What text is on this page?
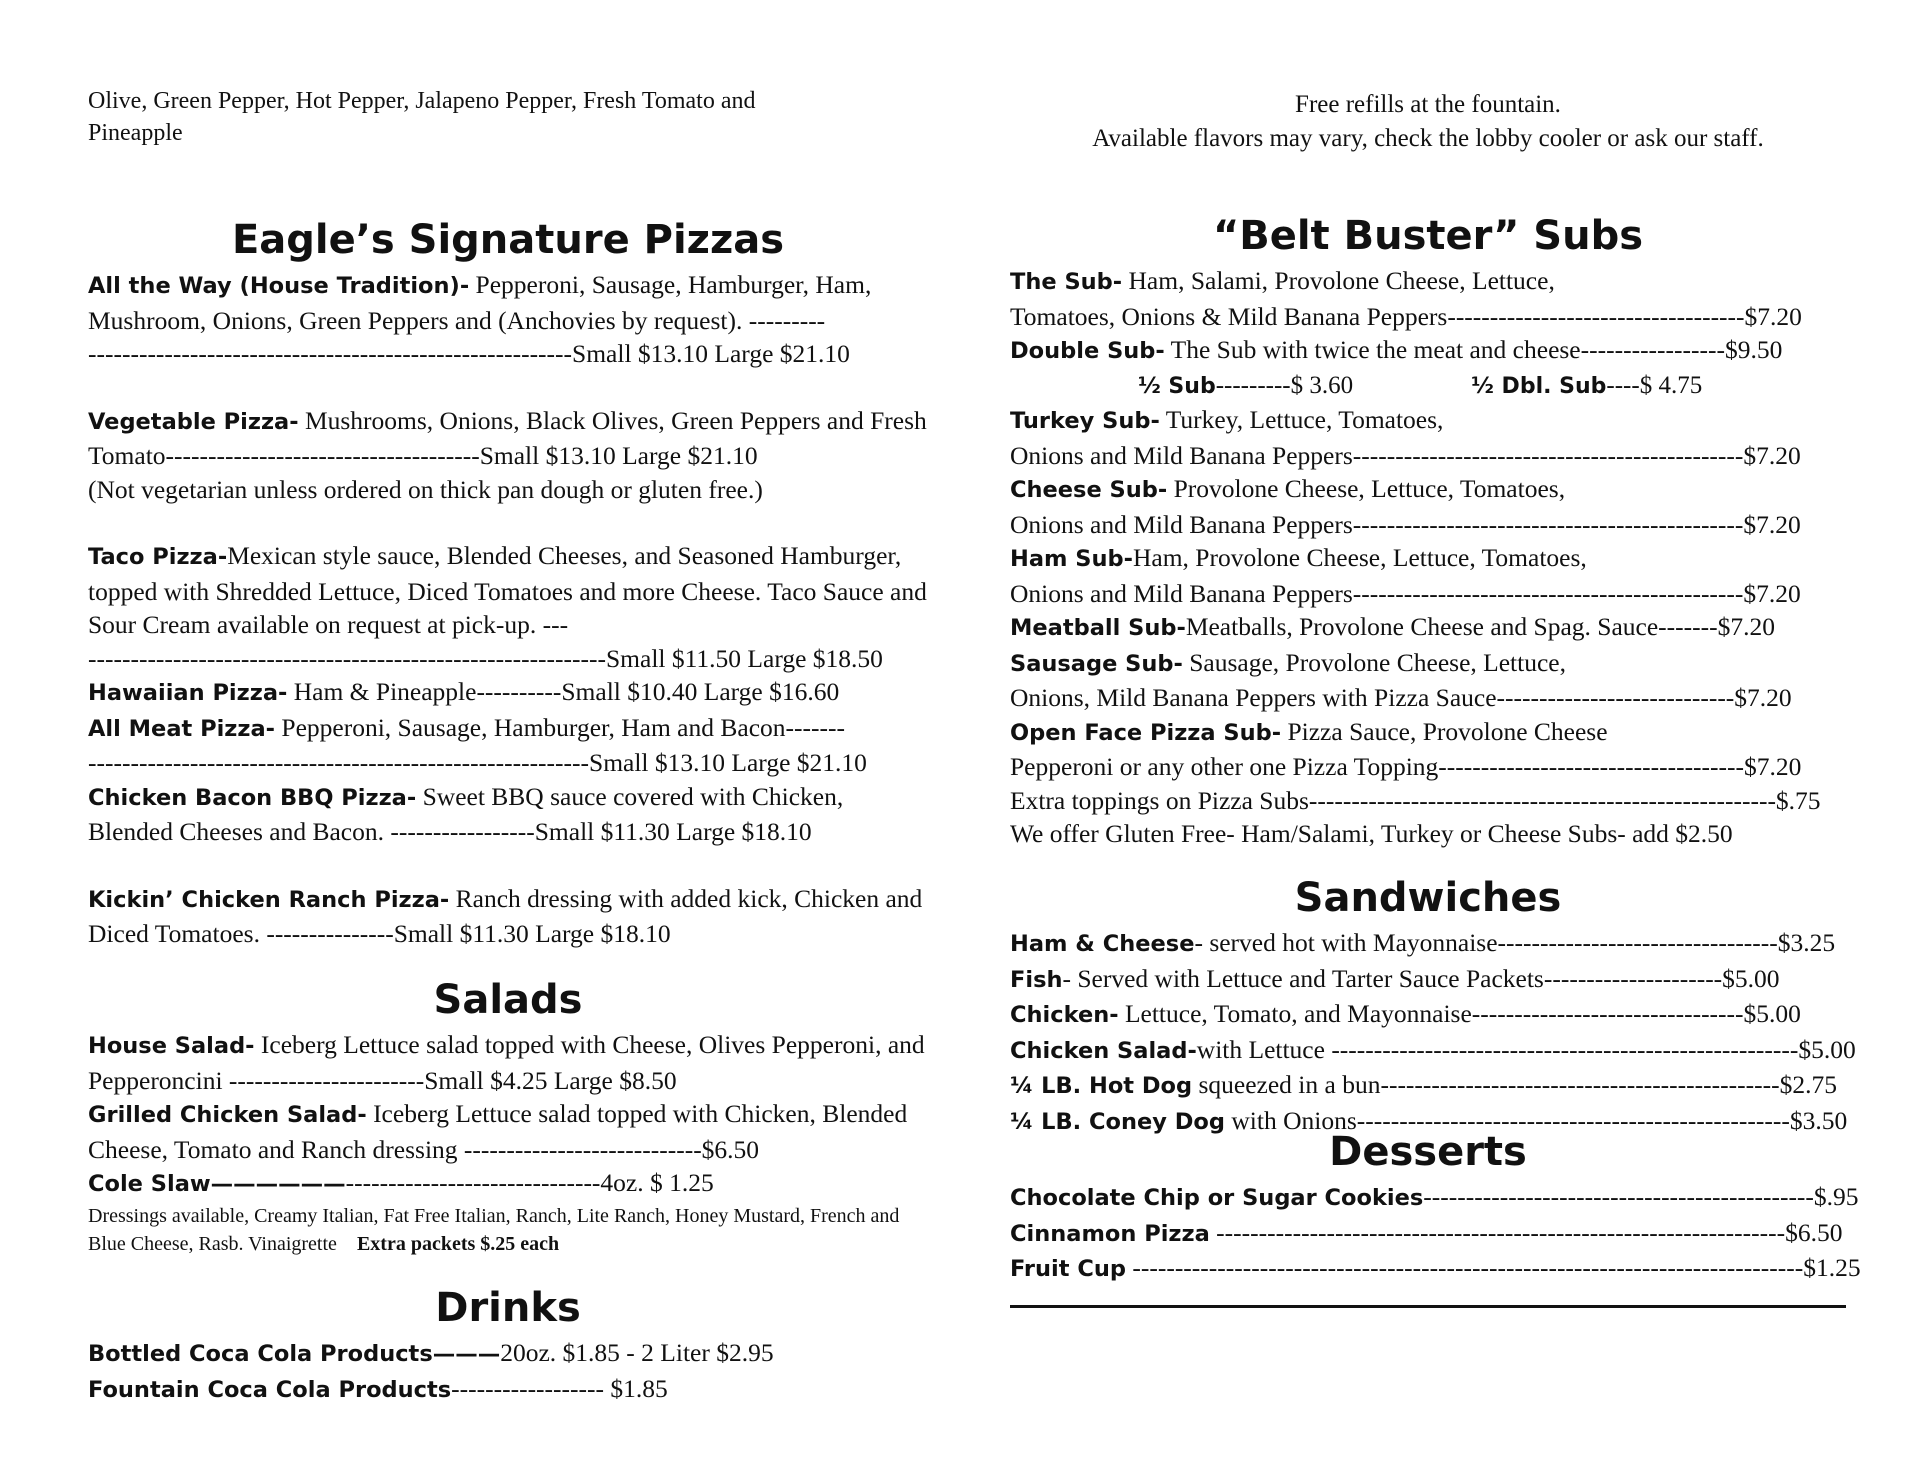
Olive, Green Pepper, Hot Pepper, Jalapeno Pepper, Fresh Tomato and Pineapple
Eagle’s Signature Pizzas
All the Way (House Tradition)- Pepperoni, Sausage, Hamburger, Ham, Mushroom, Onions, Green Peppers and (Anchovies by request). ---------
---------------------------------------------------------Small $13.10 Large $21.10
Vegetable Pizza- Mushrooms, Onions, Black Olives, Green Peppers and Fresh Tomato-------------------------------------Small $13.10 Large $21.10
(Not vegetarian unless ordered on thick pan dough or gluten free.)
Taco Pizza-Mexican style sauce, Blended Cheeses, and Seasoned Hamburger, topped with Shredded Lettuce, Diced Tomatoes and more Cheese. Taco Sauce and Sour Cream available on request at pick-up. ---
-------------------------------------------------------------Small $11.50 Large $18.50
Hawaiian Pizza- Ham & Pineapple----------Small $10.40 Large $16.60
All Meat Pizza- Pepperoni, Sausage, Hamburger, Ham and Bacon-------
-----------------------------------------------------------Small $13.10 Large $21.10
Chicken Bacon BBQ Pizza- Sweet BBQ sauce covered with Chicken, Blended Cheeses and Bacon. -----------------Small $11.30 Large $18.10
Kickin’ Chicken Ranch Pizza- Ranch dressing with added kick, Chicken and Diced Tomatoes. ---------------Small $11.30 Large $18.10
Salads
House Salad- Iceberg Lettuce salad topped with Cheese, Olives Pepperoni, and Pepperoncini -----------------------Small $4.25 Large $8.50
Grilled Chicken Salad- Iceberg Lettuce salad topped with Chicken, Blended Cheese, Tomato and Ranch dressing ----------------------------$6.50
Cole Slaw——————------------------------------4oz. $ 1.25
Dressings available, Creamy Italian, Fat Free Italian, Ranch, Lite Ranch, Honey Mustard, French and Blue Cheese, Rasb. Vinaigrette Extra packets $.25 each
Drinks
Bottled Coca Cola Products———20oz. $1.85 - 2 Liter $2.95
Fountain Coca Cola Products------------------ $1.85
Free refills at the fountain.
Available flavors may vary, check the lobby cooler or ask our staff.
“Belt Buster” Subs
The Sub- Ham, Salami, Provolone Cheese, Lettuce,
Tomatoes, Onions & Mild Banana Peppers-----------------------------------$7.20
Double Sub- The Sub with twice the meat and cheese-----------------$9.50
½ Sub---------$ 3.60	½ Dbl. Sub----$ 4.75
Turkey Sub- Turkey, Lettuce, Tomatoes,
Onions and Mild Banana Peppers----------------------------------------------$7.20
Cheese Sub- Provolone Cheese, Lettuce, Tomatoes,
Onions and Mild Banana Peppers----------------------------------------------$7.20
Ham Sub-Ham, Provolone Cheese, Lettuce, Tomatoes,
Onions and Mild Banana Peppers----------------------------------------------$7.20
Meatball Sub-Meatballs, Provolone Cheese and Spag. Sauce-------$7.20
Sausage Sub- Sausage, Provolone Cheese, Lettuce,
Onions, Mild Banana Peppers with Pizza Sauce----------------------------$7.20
Open Face Pizza Sub- Pizza Sauce, Provolone Cheese
Pepperoni or any other one Pizza Topping------------------------------------$7.20
Extra toppings on Pizza Subs-------------------------------------------------------$.75
We offer Gluten Free- Ham/Salami, Turkey or Cheese Subs- add $2.50
Sandwiches
Ham & Cheese- served hot with Mayonnaise---------------------------------$3.25
Fish- Served with Lettuce and Tarter Sauce Packets---------------------$5.00
Chicken- Lettuce, Tomato, and Mayonnaise--------------------------------$5.00
Chicken Salad-with Lettuce -------------------------------------------------------$5.00
¼ LB. Hot Dog squeezed in a bun-----------------------------------------------$2.75
¼ LB. Coney Dog with Onions---------------------------------------------------$3.50
Desserts
Chocolate Chip or Sugar Cookies----------------------------------------------$.95
Cinnamon Pizza -------------------------------------------------------------------$6.50
Fruit Cup -------------------------------------------------------------------------------$1.25
